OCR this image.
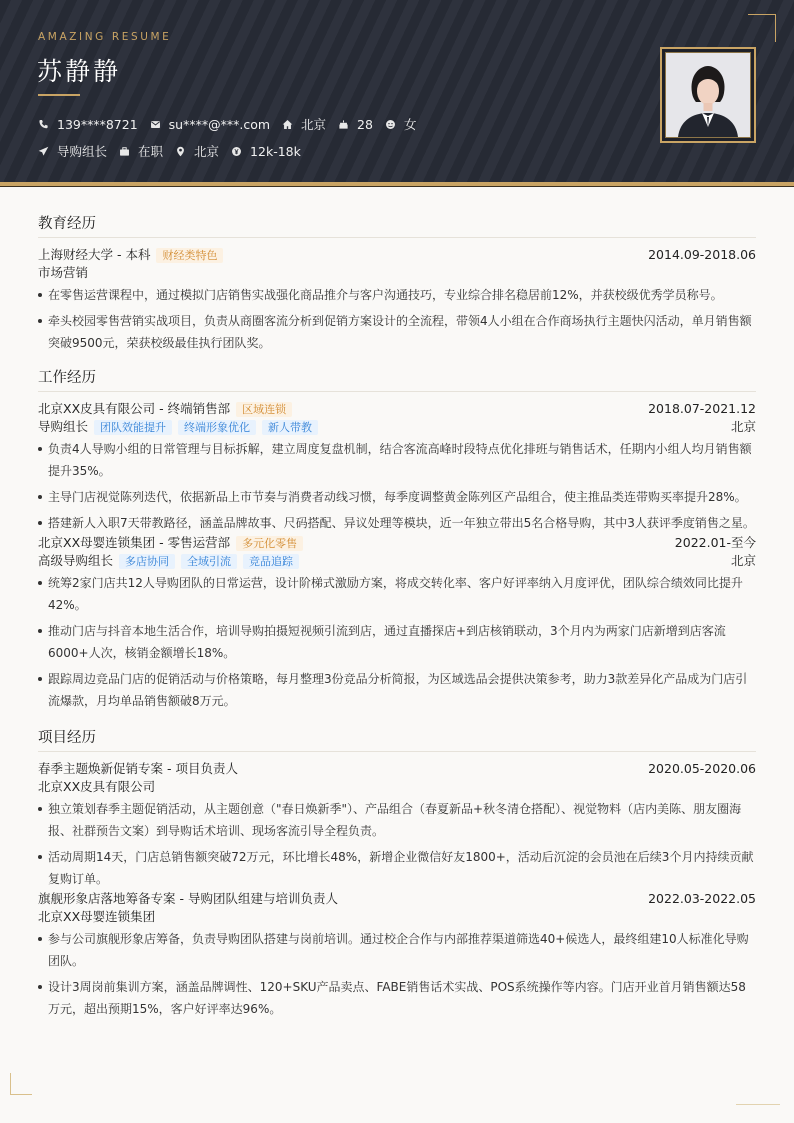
AMAZING RESUME
苏静静
139****8721 su****@***.com 北京 28 女
导购组长 在职 北京 12k-18k
教育经历
上海财经大学 - 本科	财经类特色	2014.09-2018.06
市场营销
在零售运营课程中，通过模拟门店销售实战强化商品推介与客户沟通技巧，专业综合排名稳居前12%，并获校级优秀学员称号。
牵头校园零售营销实战项目，负责从商圈客流分析到促销方案设计的全流程，带领4人小组在合作商场执行主题快闪活动，单月销售额突破9500元，荣获校级最佳执行团队奖。
工作经历
北京XX皮具有限公司 - 终端销售部	区域连锁	2018.07-2021.12
导购组长	团队效能提升	终端形象优化	新人带教	北京
负责4人导购小组的日常管理与目标拆解，建立周度复盘机制，结合客流高峰时段特点优化排班与销售话术，任期内小组人均月销售额提升35%。
主导门店视觉陈列迭代，依据新品上市节奏与消费者动线习惯，每季度调整黄金陈列区产品组合，使主推品类连带购买率提升28%。
搭建新人入职7天带教路径，涵盖品牌故事、尺码搭配、异议处理等模块，近一年独立带出5名合格导购，其中3人获评季度销售之星。
北京XX母婴连锁集团 - 零售运营部	多元化零售	2022.01-至今
高级导购组长	多店协同	全域引流	竞品追踪	北京
统筹2家门店共12人导购团队的日常运营，设计阶梯式激励方案，将成交转化率、客户好评率纳入月度评优，团队综合绩效同比提升42%。
推动门店与抖音本地生活合作，培训导购拍摄短视频引流到店，通过直播探店+到店核销联动，3个月内为两家门店新增到店客流6000+人次，核销金额增长18%。
跟踪周边竞品门店的促销活动与价格策略，每月整理3份竞品分析简报，为区域选品会提供决策参考，助力3款差异化产品成为门店引流爆款，月均单品销售额破8万元。
项目经历
春季主题焕新促销专案 - 项目负责人	2020.05-2020.06
北京XX皮具有限公司
独立策划春季主题促销活动，从主题创意（"春日焕新季"）、产品组合（春夏新品+秋冬清仓搭配）、视觉物料（店内美陈、朋友圈海报、社群预告文案）到导购话术培训、现场客流引导全程负责。
活动周期14天，门店总销售额突破72万元，环比增长48%，新增企业微信好友1800+，活动后沉淀的会员池在后续3个月内持续贡献复购订单。
旗舰形象店落地筹备专案 - 导购团队组建与培训负责人	2022.03-2022.05
北京XX母婴连锁集团
参与公司旗舰形象店筹备，负责导购团队搭建与岗前培训。通过校企合作与内部推荐渠道筛选40+候选人，最终组建10人标准化导购团队。
设计3周岗前集训方案，涵盖品牌调性、120+SKU产品卖点、FABE销售话术实战、POS系统操作等内容。门店开业首月销售额达58万元，超出预期15%，客户好评率达96%。
